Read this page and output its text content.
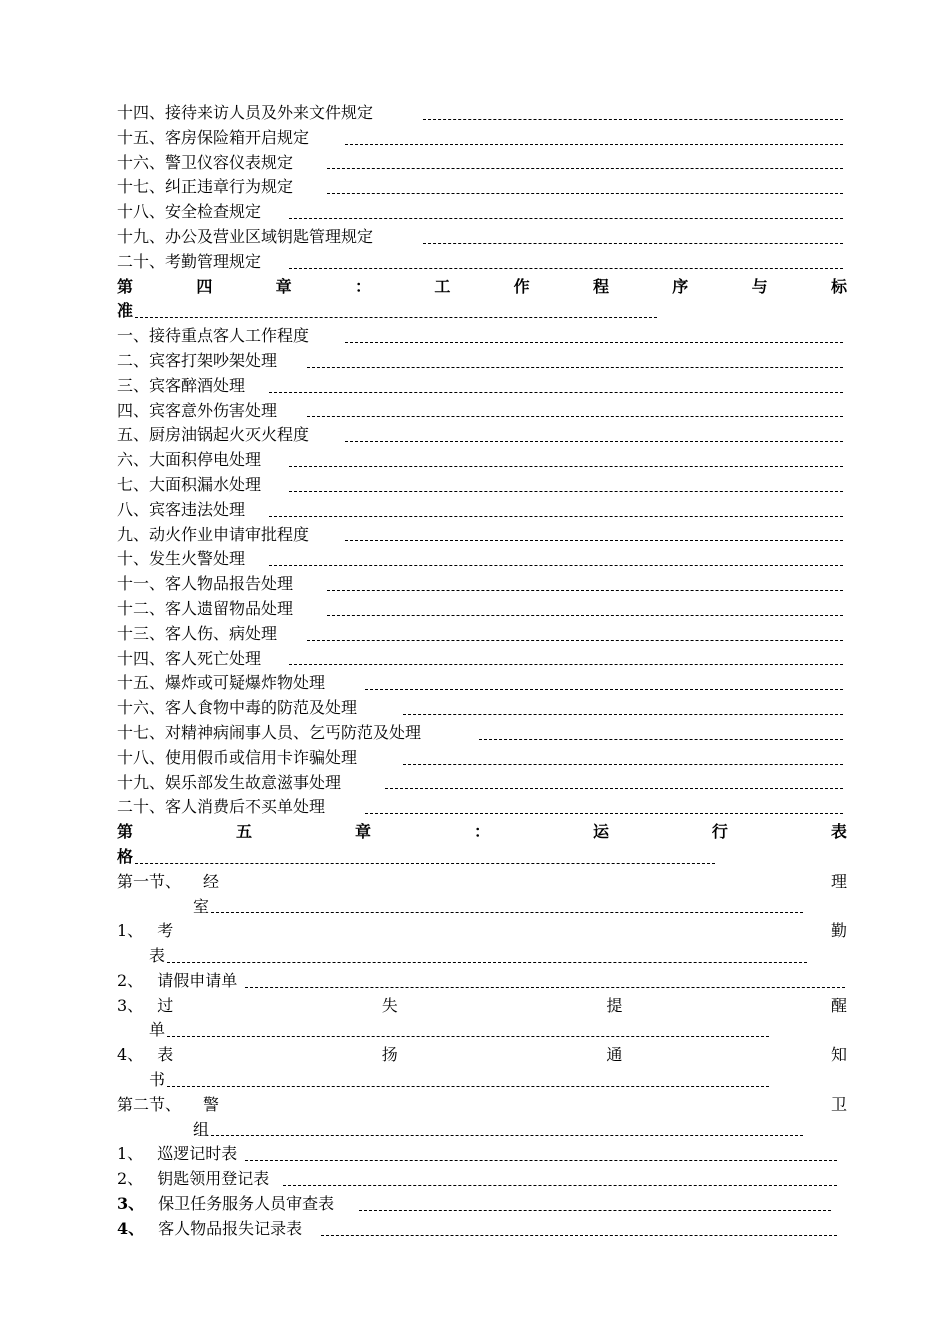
十四、接待来访人员及外来文件规定
十五、客房保险箱开启规定
十六、警卫仪容仪表规定
十七、纠正违章行为规定
十八、安全检查规定
十九、办公及营业区域钥匙管理规定
二十、考勤管理规定
第	四	章	：	工	作	程	序	与	标
准
一、接待重点客人工作程度
二、宾客打架吵架处理
三、宾客醉酒处理
四、宾客意外伤害处理
五、厨房油锅起火灭火程度
六、大面积停电处理
七、大面积漏水处理
八、宾客违法处理
九、动火作业申请审批程度
十、发生火警处理
十一、客人物品报告处理
十二、客人遗留物品处理
十三、客人伤、病处理
十四、客人死亡处理
十五、爆炸或可疑爆炸物处理
十六、客人食物中毒的防范及处理
十七、对精神病闹事人员、乞丐防范及处理
十八、使用假币或信用卡诈骗处理
十九、娱乐部发生故意滋事处理
二十、客人消费后不买单处理
第	五	章	：	运	行	表
格
第一节、 经	理
室
1、 考	勤
表
2、 请假申请单
3、 过	失	提	醒
单
4、 表	扬	通	知
书
第二节、 警	卫
组
1、 巡逻记时表
2、 钥匙领用登记表
3、 保卫任务服务人员审查表
4、 客人物品报失记录表
